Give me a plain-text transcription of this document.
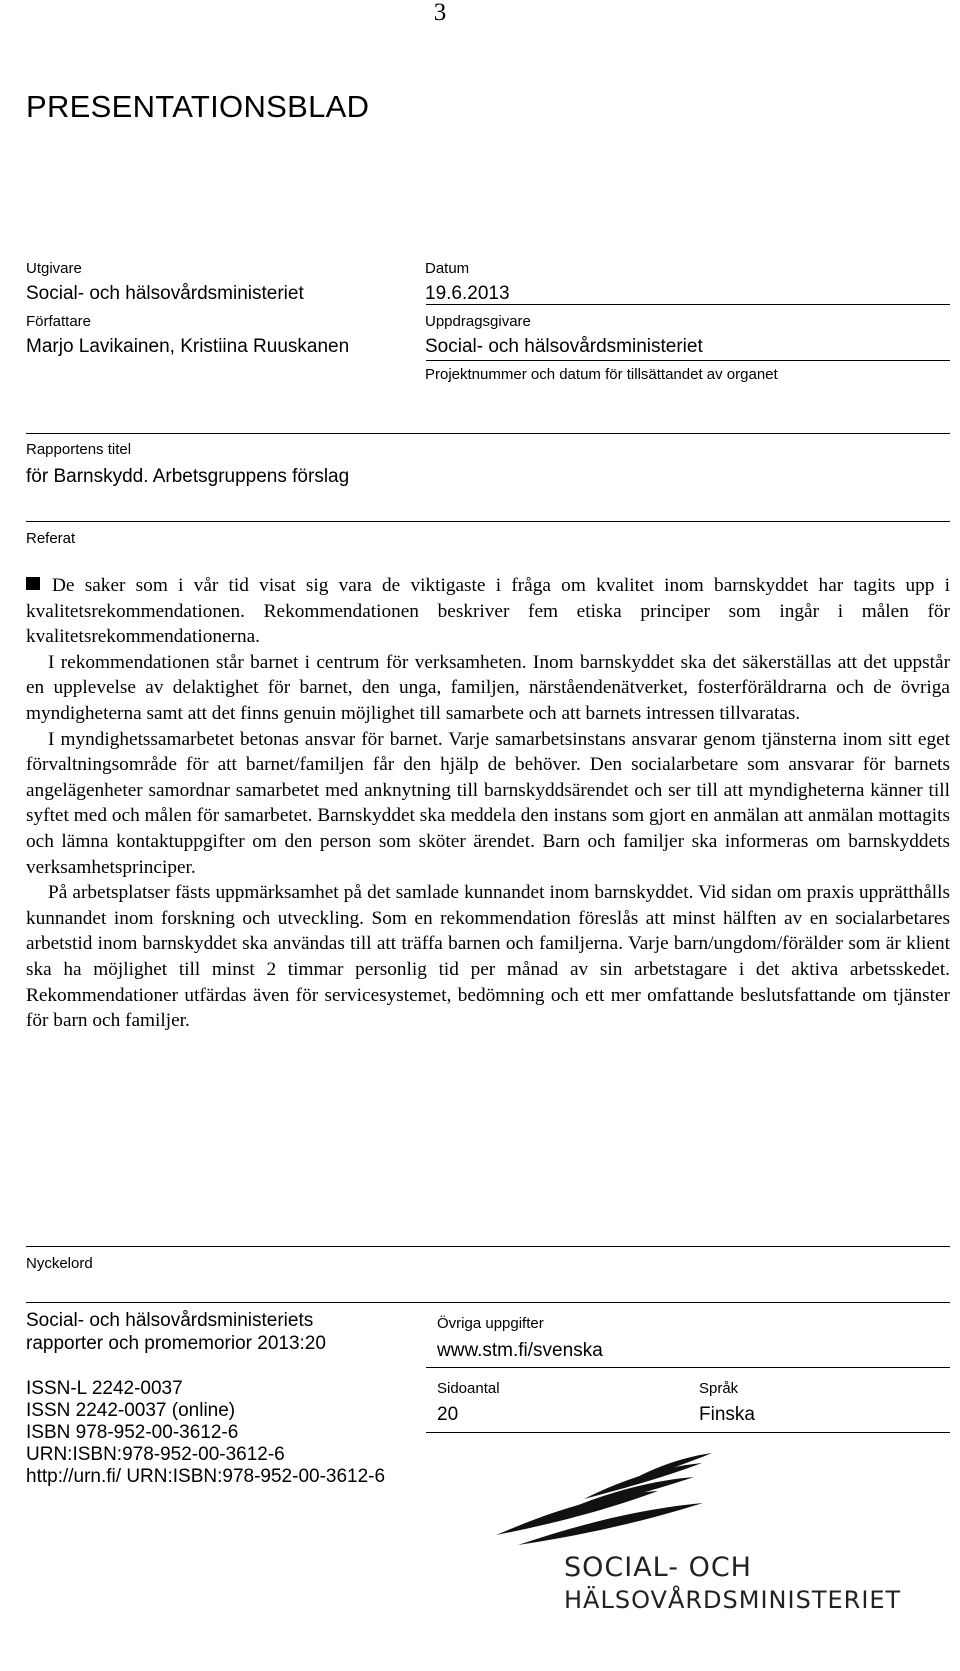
3
PRESENTATIONSBLAD
Utgivare
Social- och hälsovårdsministeriet
Datum
19.6.2013
Författare
Marjo Lavikainen, Kristiina Ruuskanen
Uppdragsgivare
Social- och hälsovårdsministeriet
Projektnummer och datum för tillsättandet av organet
Rapportens titel
för Barnskydd. Arbetsgruppens förslag
Referat

De saker som i vår tid visat sig vara de viktigaste i fråga om kvalitet inom barnskyddet har tagits upp i kvalitetsrekommendationen. Rekommendationen beskriver fem etiska principer som ingår i målen för kvalitetsrekommendationerna.

I rekommendationen står barnet i centrum för verksamheten. Inom barnskyddet ska det säkerställas att det uppstår en upplevelse av delaktighet för barnet, den unga, familjen, närståendenätverket, fosterföräldrarna och de övriga myndigheterna samt att det finns genuin möjlighet till samarbete och att barnets intressen tillvaratas.

I myndighetssamarbetet betonas ansvar för barnet. Varje samarbetsinstans ansvarar genom tjänsterna inom sitt eget förvaltningsområde för att barnet/familjen får den hjälp de behöver. Den socialarbetare som ansvarar för barnets angelägenheter samordnar samarbetet med anknytning till barnskyddsärendet och ser till att myndigheterna känner till syftet med och målen för samarbetet. Barnskyddet ska meddela den instans som gjort en anmälan att anmälan mottagits och lämna kontaktuppgifter om den person som sköter ärendet. Barn och familjer ska informeras om barnskyddets verksamhetsprinciper.

På arbetsplatser fästs uppmärksamhet på det samlade kunnandet inom barnskyddet. Vid sidan om praxis upprätthålls kunnandet inom forskning och utveckling. Som en rekommendation föreslås att minst hälften av en socialarbetares arbetstid inom barnskyddet ska användas till att träffa barnen och familjerna. Varje barn/ungdom/förälder som är klient ska ha möjlighet till minst 2 timmar personlig tid per månad av sin arbetstagare i det aktiva arbetsskedet. Rekommendationer utfärdas även för servicesystemet, bedömning och ett mer omfattande beslutsfattande om tjänster för barn och familjer.

Nyckelord
Social- och hälsovårdsministeriets
rapporter och promemorior 2013:20
ISSN-L 2242-0037
ISSN 2242-0037 (online)
ISBN 978-952-00-3612-6
URN:ISBN:978-952-00-3612-6
http://urn.fi/ URN:ISBN:978-952-00-3612-6
Övriga uppgifter
www.stm.fi/svenska
Sidoantal
20
Språk
Finska
SOCIAL- OCH
HÄLSOVÅRDSMINISTERIET
